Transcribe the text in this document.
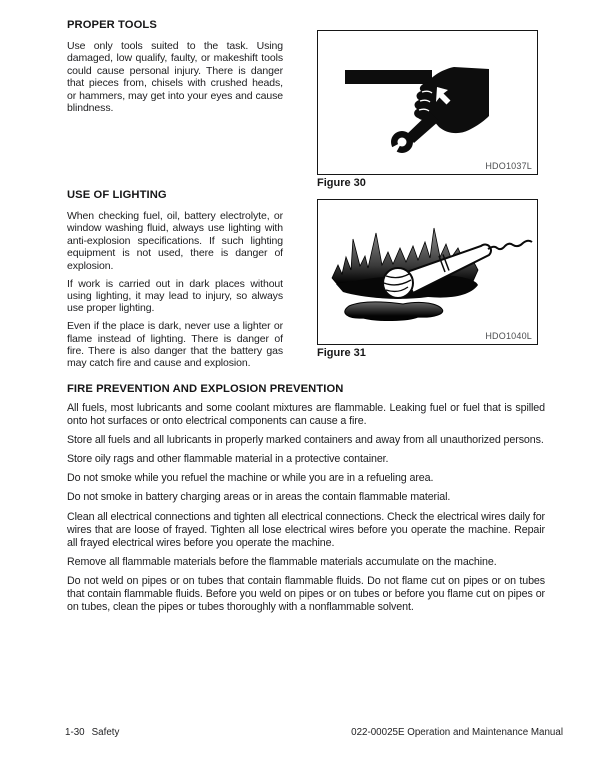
PROPER TOOLS

Use only tools suited to the task. Using damaged, low qualify, faulty, or makeshift tools could cause personal injury. There is danger that pieces from, chisels with crushed heads, or hammers, may get into your eyes and cause blindness.

USE OF LIGHTING

When checking fuel, oil, battery electrolyte, or window washing fluid, always use lighting with anti-explosion specifications. If such lighting equipment is not used, there is danger of explosion.

If work is carried out in dark places without using lighting, it may lead to injury, so always use proper lighting.

Even if the place is dark, never use a lighter or flame instead of lighting. There is danger of fire. There is also danger that the battery gas may catch fire and cause and explosion.

FIRE PREVENTION AND EXPLOSION PREVENTION

All fuels, most lubricants and some coolant mixtures are flammable. Leaking fuel or fuel that is spilled onto hot surfaces or onto electrical components can cause a fire.

Store all fuels and all lubricants in properly marked containers and away from all unauthorized persons.

Store oily rags and other flammable material in a protective container.

Do not smoke while you refuel the machine or while you are in a refueling area.

Do not smoke in battery charging areas or in areas the contain flammable material.

Clean all electrical connections and tighten all electrical connections. Check the electrical wires daily for wires that are loose of frayed. Tighten all lose electrical wires before you operate the machine. Repair all frayed electrical wires before you operate the machine.

Remove all flammable materials before the flammable materials accumulate on the machine.

Do not weld on pipes or on tubes that contain flammable fluids. Do not flame cut on pipes or on tubes that contain flammable fluids. Before you weld on pipes or on tubes or before you flame cut on pipes or on tubes, clean the pipes or tubes thoroughly with a nonflammable solvent.

HDO1037L
Figure 30
HDO1040L
Figure 31
1-30 Safety	022-00025E Operation and Maintenance Manual
